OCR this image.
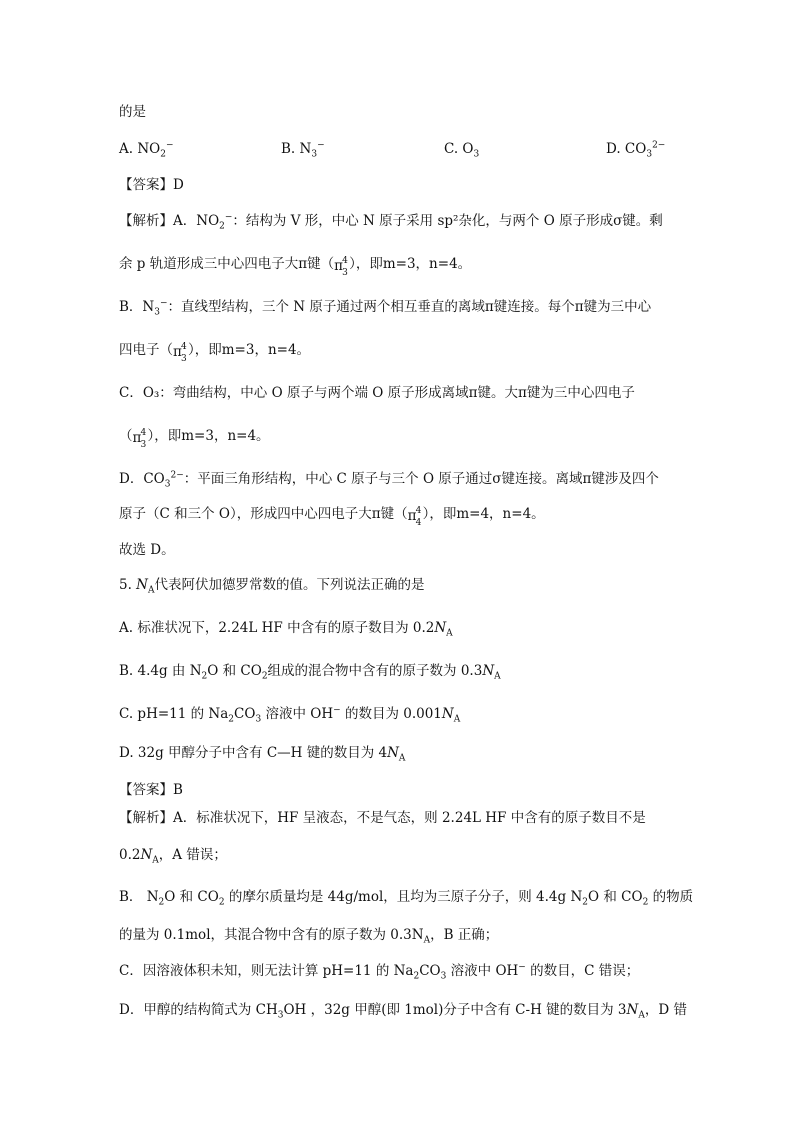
的是
A. $NO_2^-$	B. $N_3^-$	C. $O_3$	D. $CO_3^{2-}$
【答案】D
【解析】A．$NO_2^-$：结构为 V 形，中心 N 原子采用 sp²杂化，与两个 O 原子形成σ键。剩
余 p 轨道形成三中心四电子大π键（ π 4
3
），即m=3，n=4。
B．$N_3^-$：直线型结构，三个 N 原子通过两个相互垂直的离域π键连接。每个π键为三中心
四电子（ π 4
3
），即m=3，n=4。
C．O₃：弯曲结构，中心 O 原子与两个端 O 原子形成离域π键。大π键为三中心四电子
（ π 4
3
），即m=3，n=4。
D．$CO_3^{2-}$：平面三角形结构，中心 C 原子与三个 O 原子通过σ键连接。离域π键涉及四个
原子（C 和三个 O），形成四中心四电子大π键（ π 4
4
），即m=4，n=4。
故选 D。
5. $N_A$代表阿伏加德罗常数的值。下列说法正确的是
A. 标准状况下，2.24L HF 中含有的原子数目为 $0.2N_A$
B. 4.4g 由 $N_2O$ 和 $CO_2$组成的混合物中含有的原子数为 $0.3N_A$
C. pH=11 的 $Na_2CO_3$ 溶液中 OH− 的数目为 $0.001N_A$
D. 32g 甲醇分子中含有 C—H 键的数目为 $4N_A$
【答案】B
【解析】A．标准状况下，HF 呈液态，不是气态，则 2.24L HF 中含有的原子数目不是
$0.2N_A$，A 错误；
B． $N_2O$ 和 $CO_2$ 的摩尔质量均是 44g/mol，且均为三原子分子，则 4.4g $N_2O$ 和 $CO_2$ 的物质
的量为 0.1mol，其混合物中含有的原子数为 $0.3N_A$，B 正确；
C．因溶液体积未知，则无法计算 pH=11 的 $Na_2CO_3$ 溶液中 OH− 的数目，C 错误；
D．甲醇的结构简式为 $CH_3OH$ ，32g 甲醇(即 1mol)分子中含有 C-H 键的数目为 $3N_A$，D 错
